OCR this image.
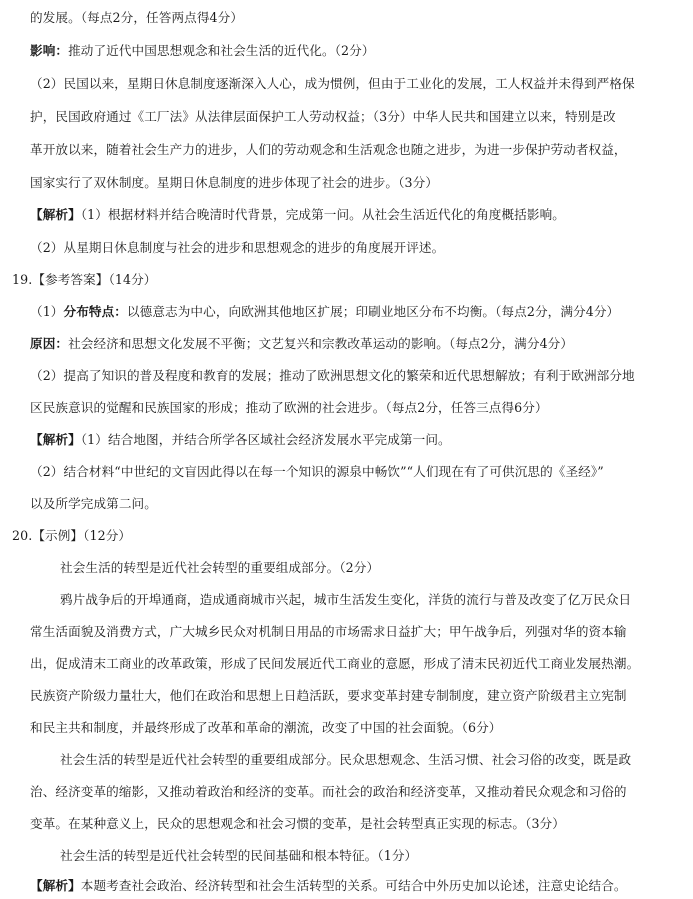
的发展。（每点2分，任答两点得4分）
影响：推动了近代中国思想观念和社会生活的近代化。（2分）
（2）民国以来，星期日休息制度逐渐深入人心，成为惯例，但由于工业化的发展，工人权益并未得到严格保
护，民国政府通过《工厂法》从法律层面保护工人劳动权益；（3分）中华人民共和国建立以来，特别是改
革开放以来，随着社会生产力的进步，人们的劳动观念和生活观念也随之进步，为进一步保护劳动者权益，
国家实行了双休制度。星期日休息制度的进步体现了社会的进步。（3分）
【解析】（1）根据材料并结合晚清时代背景，完成第一问。从社会生活近代化的角度概括影响。
（2）从星期日休息制度与社会的进步和思想观念的进步的角度展开评述。
19.【参考答案】（14分）
（1）分布特点：以德意志为中心，向欧洲其他地区扩展；印刷业地区分布不均衡。（每点2分，满分4分）
原因：社会经济和思想文化发展不平衡；文艺复兴和宗教改革运动的影响。（每点2分，满分4分）
（2）提高了知识的普及程度和教育的发展；推动了欧洲思想文化的繁荣和近代思想解放；有利于欧洲部分地
区民族意识的觉醒和民族国家的形成；推动了欧洲的社会进步。（每点2分，任答三点得6分）
【解析】（1）结合地图，并结合所学各区域社会经济发展水平完成第一问。
（2）结合材料“中世纪的文盲因此得以在每一个知识的源泉中畅饮”“人们现在有了可供沉思的《圣经》”
以及所学完成第二问。
20.【示例】（12分）
社会生活的转型是近代社会转型的重要组成部分。（2分）
鸦片战争后的开埠通商，造成通商城市兴起，城市生活发生变化，洋货的流行与普及改变了亿万民众日
常生活面貌及消费方式，广大城乡民众对机制日用品的市场需求日益扩大；甲午战争后，列强对华的资本输
出，促成清末工商业的改革政策，形成了民间发展近代工商业的意愿，形成了清末民初近代工商业发展热潮。
民族资产阶级力量壮大，他们在政治和思想上日趋活跃，要求变革封建专制制度，建立资产阶级君主立宪制
和民主共和制度，并最终形成了改革和革命的潮流，改变了中国的社会面貌。（6分）
社会生活的转型是近代社会转型的重要组成部分。民众思想观念、生活习惯、社会习俗的改变，既是政
治、经济变革的缩影，又推动着政治和经济的变革。而社会的政治和经济变革，又推动着民众观念和习俗的
变革。在某种意义上，民众的思想观念和社会习惯的变革，是社会转型真正实现的标志。（3分）
社会生活的转型是近代社会转型的民间基础和根本特征。（1分）
【解析】本题考查社会政治、经济转型和社会生活转型的关系。可结合中外历史加以论述，注意史论结合。
